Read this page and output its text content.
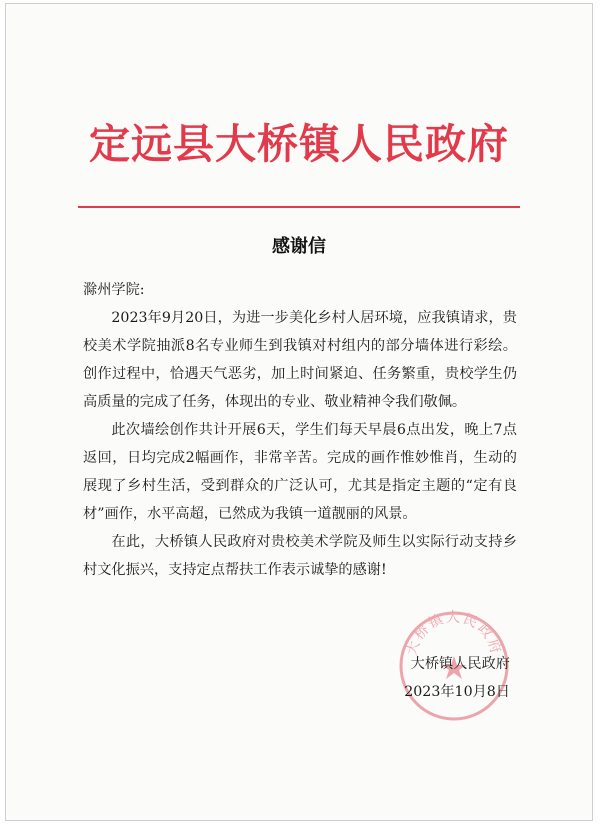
定远县大桥镇人民政府
感谢信

滁州学院:

2023年9月20日，为进一步美化乡村人居环境，应我镇请求，贵校美术学院抽派8名专业师生到我镇对村组内的部分墙体进行彩绘。创作过程中，恰遇天气恶劣，加上时间紧迫、任务繁重，贵校学生仍高质量的完成了任务，体现出的专业、敬业精神令我们敬佩。

此次墙绘创作共计开展6天，学生们每天早晨6点出发，晚上7点返回，日均完成2幅画作，非常辛苦。完成的画作惟妙惟肖，生动的展现了乡村生活，受到群众的广泛认可，尤其是指定主题的“定有良材”画作，水平高超，已然成为我镇一道靓丽的风景。

在此，大桥镇人民政府对贵校美术学院及师生以实际行动支持乡村文化振兴，支持定点帮扶工作表示诚挚的感谢!

大桥镇人民政府
大桥镇人民政府
2023年10月8日
